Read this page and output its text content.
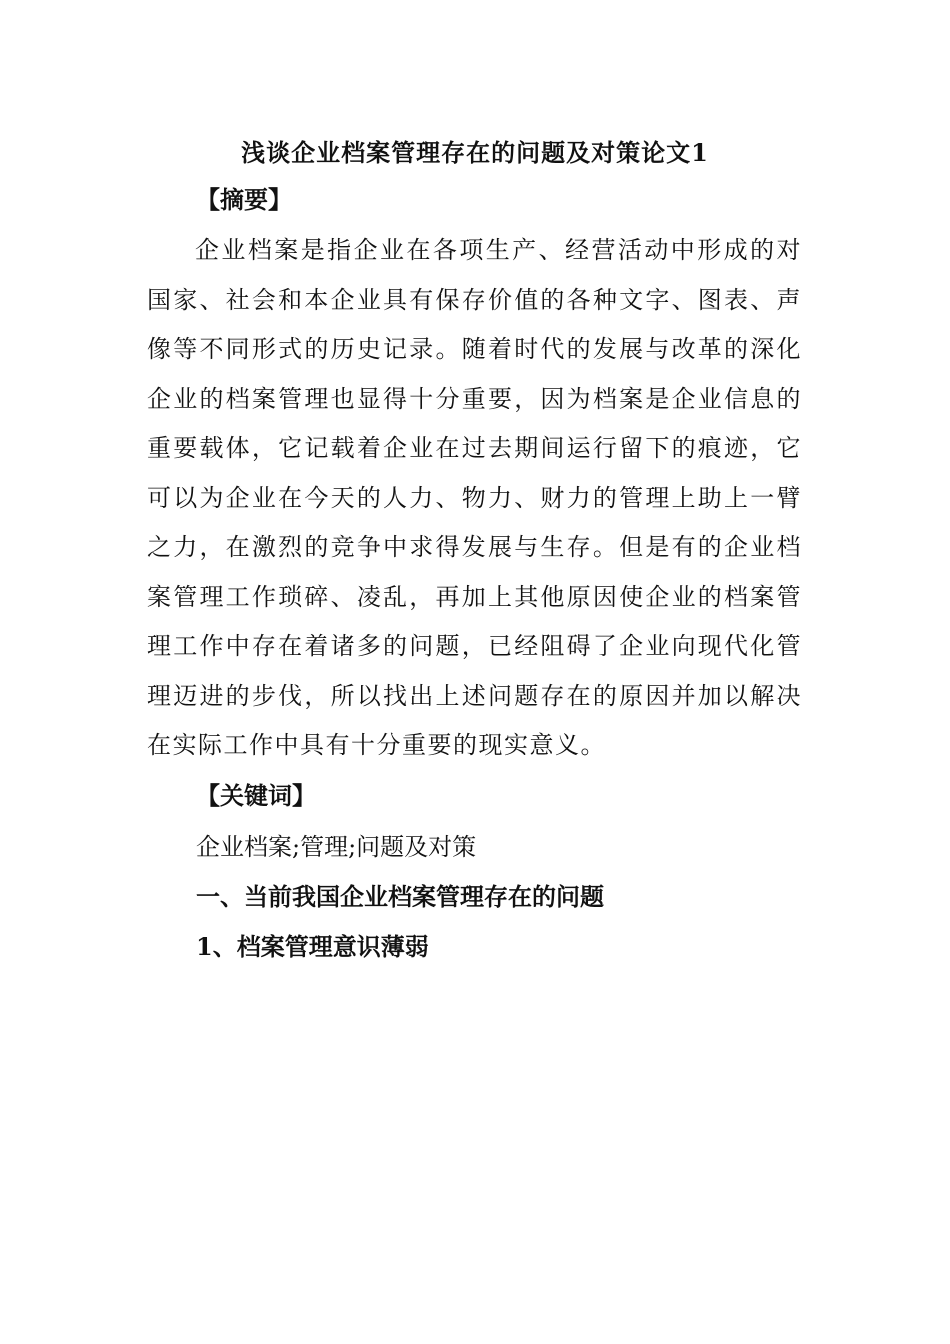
浅谈企业档案管理存在的问题及对策论文1
【摘要】
企业档案是指企业在各项生产、经营活动中形成的对国家、社会和本企业具有保存价值的各种文字、图表、声像等不同形式的历史记录。随着时代的发展与改革的深化企业的档案管理也显得十分重要，因为档案是企业信息的重要载体，它记载着企业在过去期间运行留下的痕迹，它可以为企业在今天的人力、物力、财力的管理上助上一臂之力，在激烈的竞争中求得发展与生存。但是有的企业档案管理工作琐碎、凌乱，再加上其他原因使企业的档案管理工作中存在着诸多的问题，已经阻碍了企业向现代化管理迈进的步伐，所以找出上述问题存在的原因并加以解决在实际工作中具有十分重要的现实意义。
【关键词】
企业档案;管理;问题及对策
一、当前我国企业档案管理存在的问题
1、档案管理意识薄弱
